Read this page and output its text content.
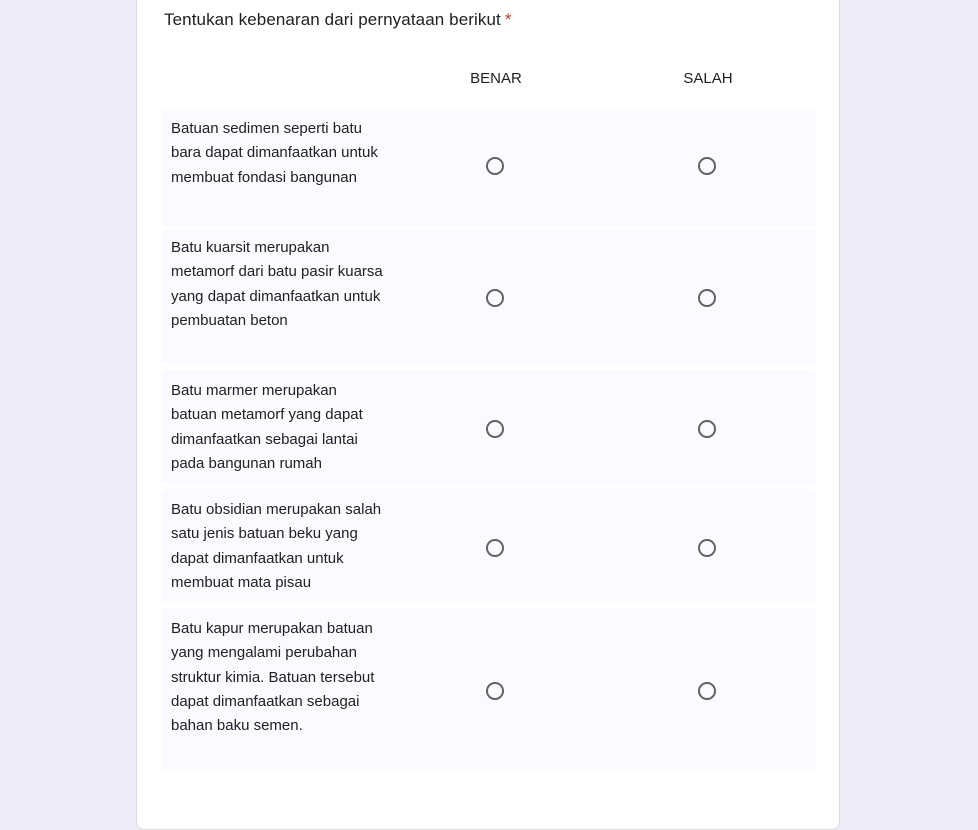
Tentukan kebenaran dari pernyataan berikut *
BENAR	SALAH
Batuan sedimen seperti batu bara dapat dimanfaatkan untuk membuat fondasi bangunan
Batu kuarsit merupakan metamorf dari batu pasir kuarsa yang dapat dimanfaatkan untuk pembuatan beton
Batu marmer merupakan batuan metamorf yang dapat dimanfaatkan sebagai lantai pada bangunan rumah
Batu obsidian merupakan salah satu jenis batuan beku yang dapat dimanfaatkan untuk membuat mata pisau
Batu kapur merupakan batuan yang mengalami perubahan struktur kimia. Batuan tersebut dapat dimanfaatkan sebagai bahan baku semen.
